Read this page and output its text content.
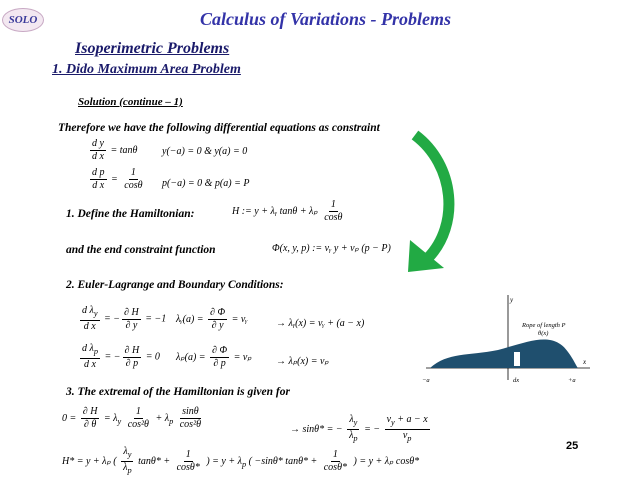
SOLO	Calculus of Variations - Problems
Isoperimetric Problems
1. Dido Maximum Area Problem
Solution (continue – 1)
Therefore we have the following differential equations as constraint
$\frac{\text{d y}}{\text{d x}} = \tan\theta$ y(−a) = 0 & y(a) = 0
$\frac{\text{d p}}{\text{d x}} = \frac{1}{\cos\theta} p(-a) = 0$ & p(a) = P
1. Define the Hamiltonian:	H := y + λᵧ tanθ + λₚ $\frac{1}{\cos\theta}$
and the end constraint function	Φ(x, y, p) := νᵧ y + νₚ (p − P)
2. Euler-Lagrange and Boundary Conditions:
$\frac{d \lambda_y}{\text{d x}}$ = − $\frac{\partial H}{\partial y} = -1$ λᵧ(a) = $\frac{\partial \Phi}{\partial y}$ = νᵧ	→ λᵧ(x) = νᵧ + (a − x)
$\frac{d \lambda_p}{\text{d x}}$ = − $\frac{\partial H}{\partial p} = 0$ $\lambda_p(a) = \frac{\partial \Phi}{\partial p} = \nu_p \to \lambda_p(x) = \nu_p$
3. The extremal of the Hamiltonian is given for
$0 = \frac{\partial H}{\partial \theta} = \lambda_y \frac{1}{\text{cos²θ}} + \lambda_p \frac{\sin\theta}{\text{cos²θ}}$	→ sinθ* = − $\frac{\lambda_y}{\lambda_p}$ = − $\frac{\nu_y + a - x}{\nu_p}$
H* = y + λₚ ( $\frac{\lambda_y}{\lambda_p} \tan\theta* + \frac{1}{\cos\theta*}$ ) = $y + \lambda_p$ ( −sinθ* $\tan\theta* + \frac{1}{\cos\theta*}$ ) = y + λₚ cosθ*
y
x
θ(x)
Rope of length P
−a	dx	+a
25
